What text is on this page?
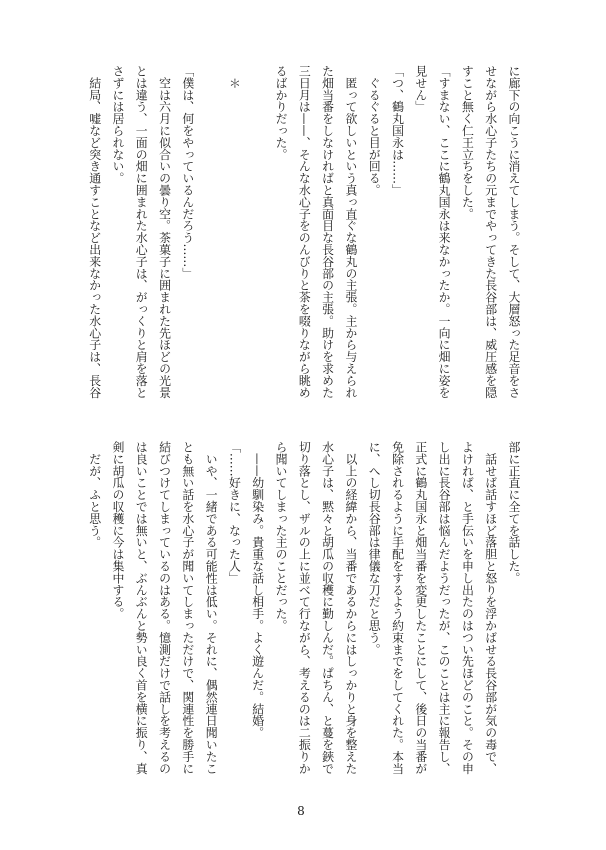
に廊下の向こうに消えてしまう。そして、大層怒った足音をさ
せながら水心子たちの元までやってきた長谷部は、威圧感を隠
すこと無く仁王立ちをした。
「すまない、ここに鶴丸国永は来なかったか。一向に畑に姿を
見せん」
「つ、鶴丸国永は……」
　ぐるぐると目が回る。
　匿って欲しいという真っ直ぐな鶴丸の主張。主から与えられ
た畑当番をしなければと真面目な長谷部の主張。助けを求めた
三日月は——、そんな水心子をのんびりと茶を啜りながら眺め
るばかりだった。
　＊
「僕は、何をやっているんだろう……」
　空は六月に似合いの曇り空。茶菓子に囲まれた先ほどの光景
とは違う、一面の畑に囲まれた水心子は、がっくりと肩を落と
さずには居られない。
　結局、嘘など突き通すことなど出来なかった水心子は、長谷
部に正直に全てを話した。
　話せば話すほど落胆と怒りを浮かばせる長谷部が気の毒で、
よければ、と手伝いを申し出たのはつい先ほどのこと。その申
し出に長谷部は悩んだようだったが、このことは主に報告し、
正式に鶴丸国永と畑当番を変更したことにして、後日の当番が
免除されるように手配をするよう約束までをしてくれた。本当
に、へし切長谷部は律儀な刀だと思う。
　以上の経緯から、当番であるからにはしっかりと身を整えた
水心子は、黙々と胡瓜の収穫に勤しんだ。ぱちん、と蔓を鋏で
切り落とし、ザルの上に並べて行ながら、考えるのは二振りか
ら聞いてしまった主のことだった。
　——幼馴染み。貴重な話し相手。よく遊んだ。結婚。
「……好きに、なった人」
　いや、一緒である可能性は低い。それに、偶然連日聞いたこ
とも無い話を水心子が聞いてしまっただけで、関連性を勝手に
結びつけてしまっているのはある。憶測だけで話しを考えるの
は良いことでは無いと、ぶんぶんと勢い良く首を横に振り、真
剣に胡瓜の収穫に今は集中する。
　だが、ふと思う。
8
